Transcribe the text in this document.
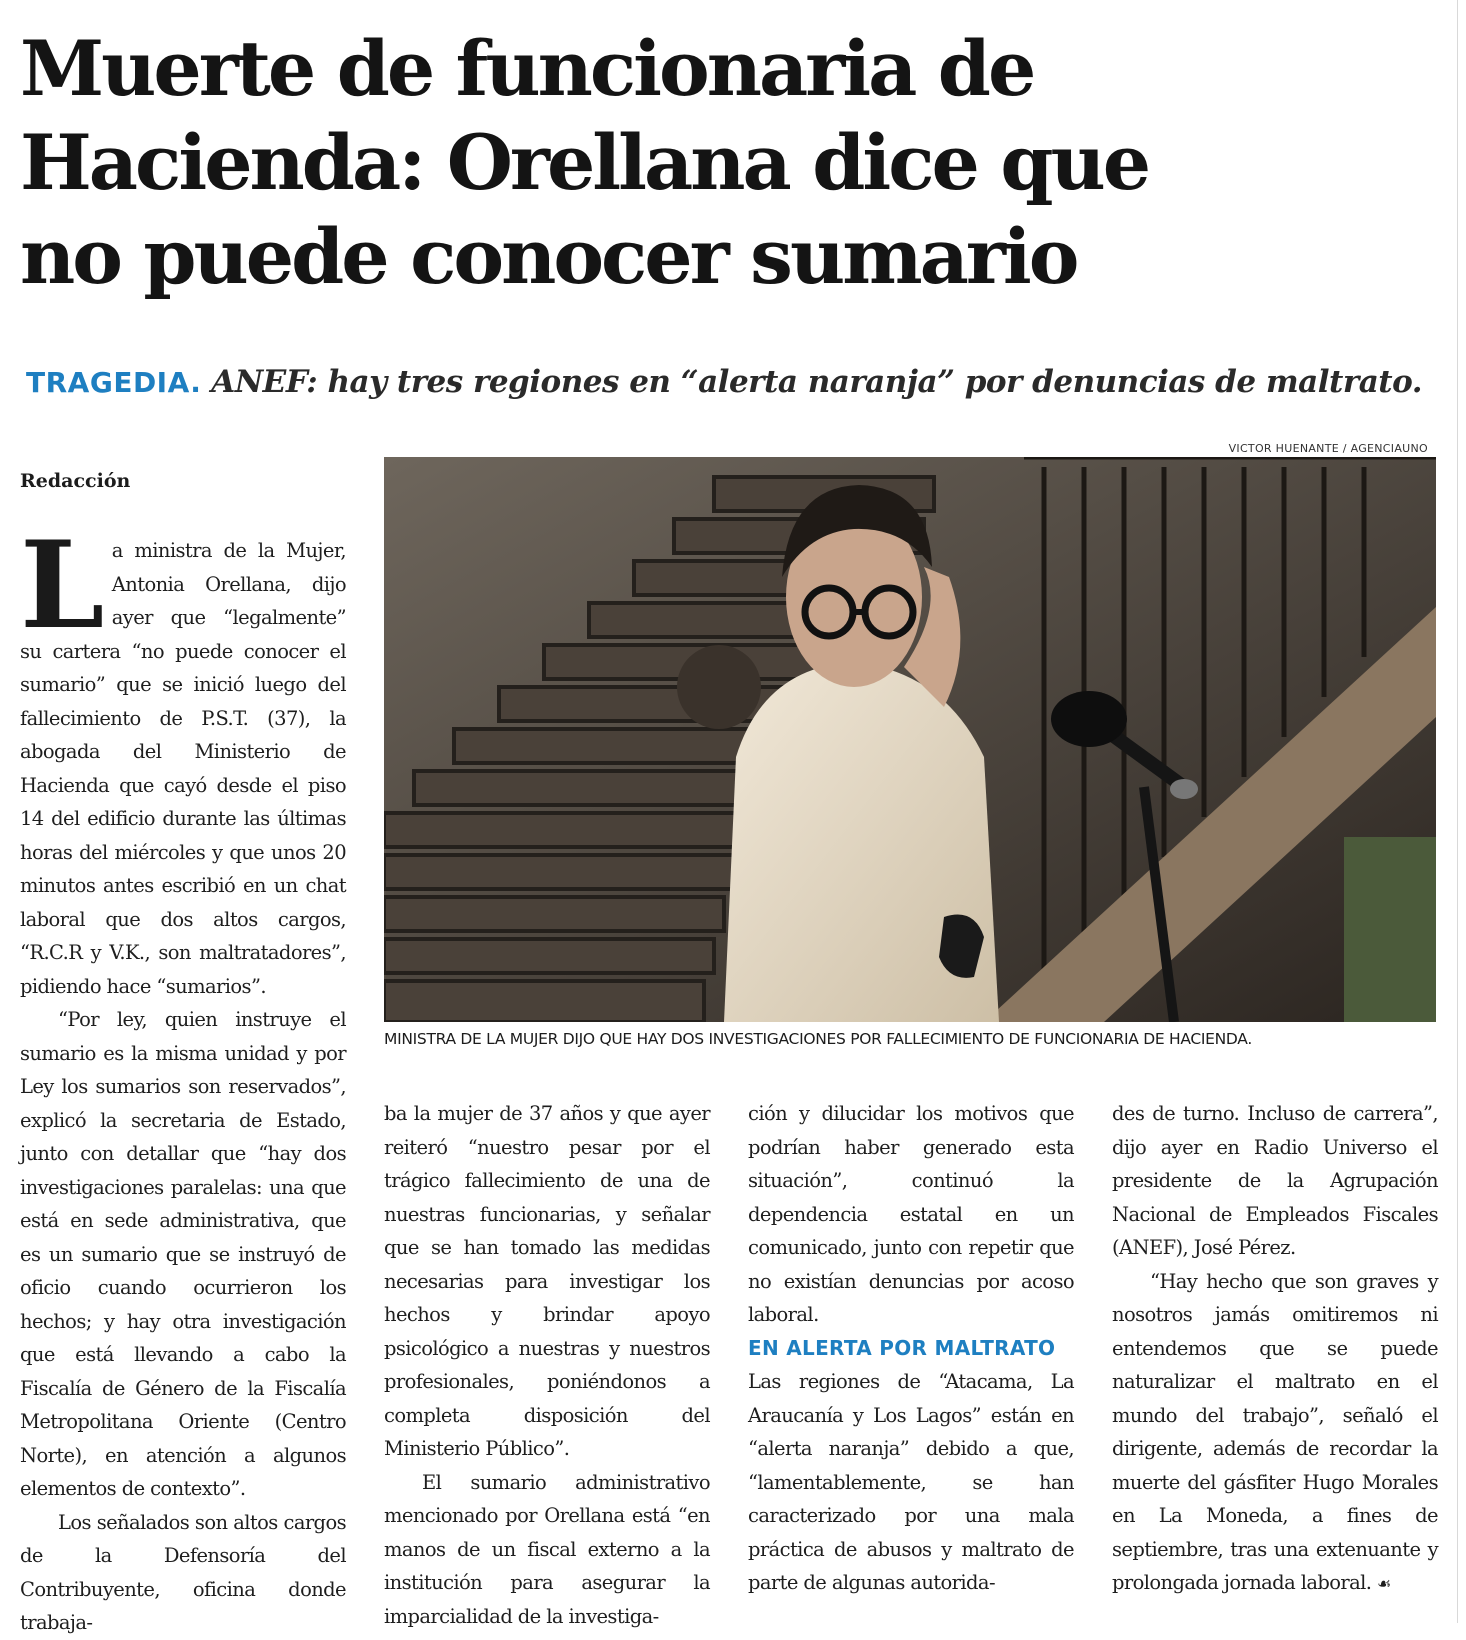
Muerte de funcionaria de
Hacienda: Orellana dice que
no puede conocer sumario
TRAGEDIA. ANEF: hay tres regiones en “alerta naranja” por denuncias de maltrato.
VICTOR HUENANTE / AGENCIAUNO
Redacción
MINISTRA DE LA MUJER DIJO QUE HAY DOS INVESTIGACIONES POR FALLECIMIENTO DE FUNCIONARIA DE HACIENDA.

La ministra de la Mujer, Antonia Orellana, dijo ayer que “legalmente” su cartera “no puede conocer el sumario” que se inició luego del fallecimiento de P.S.T. (37), la abogada del Ministerio de Hacienda que cayó desde el piso 14 del edificio durante las últimas horas del miércoles y que unos 20 minutos antes escribió en un chat laboral que dos altos cargos, “R.C.R y V.K., son maltratadores”, pidiendo hace “sumarios”.

“Por ley, quien instruye el sumario es la misma unidad y por Ley los sumarios son reservados”, explicó la secretaria de Estado, junto con detallar que “hay dos investigaciones paralelas: una que está en sede administrativa, que es un sumario que se instruyó de oficio cuando ocurrieron los hechos; y hay otra investigación que está llevando a cabo la Fiscalía de Género de la Fiscalía Metropolitana Oriente (Centro Norte), en atención a algunos elementos de contexto”.

Los señalados son altos cargos de la Defensoría del Contribuyente, oficina donde trabaja-

ba la mujer de 37 años y que ayer reiteró “nuestro pesar por el trágico fallecimiento de una de nuestras funcionarias, y señalar que se han tomado las medidas necesarias para investigar los hechos y brindar apoyo psicológico a nuestras y nuestros profesionales, poniéndonos a completa disposición del Ministerio Público”.

El sumario administrativo mencionado por Orellana está “en manos de un fiscal externo a la institución para asegurar la imparcialidad de la investiga-

ción y dilucidar los motivos que podrían haber generado esta situación”, continuó la dependencia estatal en un comunicado, junto con repetir que no existían denuncias por acoso laboral.

EN ALERTA POR MALTRATO

Las regiones de “Atacama, La Araucanía y Los Lagos” están en “alerta naranja” debido a que, “lamentablemente, se han caracterizado por una mala práctica de abusos y maltrato de parte de algunas autorida-

des de turno. Incluso de carrera”, dijo ayer en Radio Universo el presidente de la Agrupación Nacional de Empleados Fiscales (ANEF), José Pérez.

“Hay hecho que son graves y nosotros jamás omitiremos ni entendemos que se puede naturalizar el maltrato en el mundo del trabajo”, señaló el dirigente, además de recordar la muerte del gásfiter Hugo Morales en La Moneda, a fines de septiembre, tras una extenuante y prolongada jornada laboral. ☙
